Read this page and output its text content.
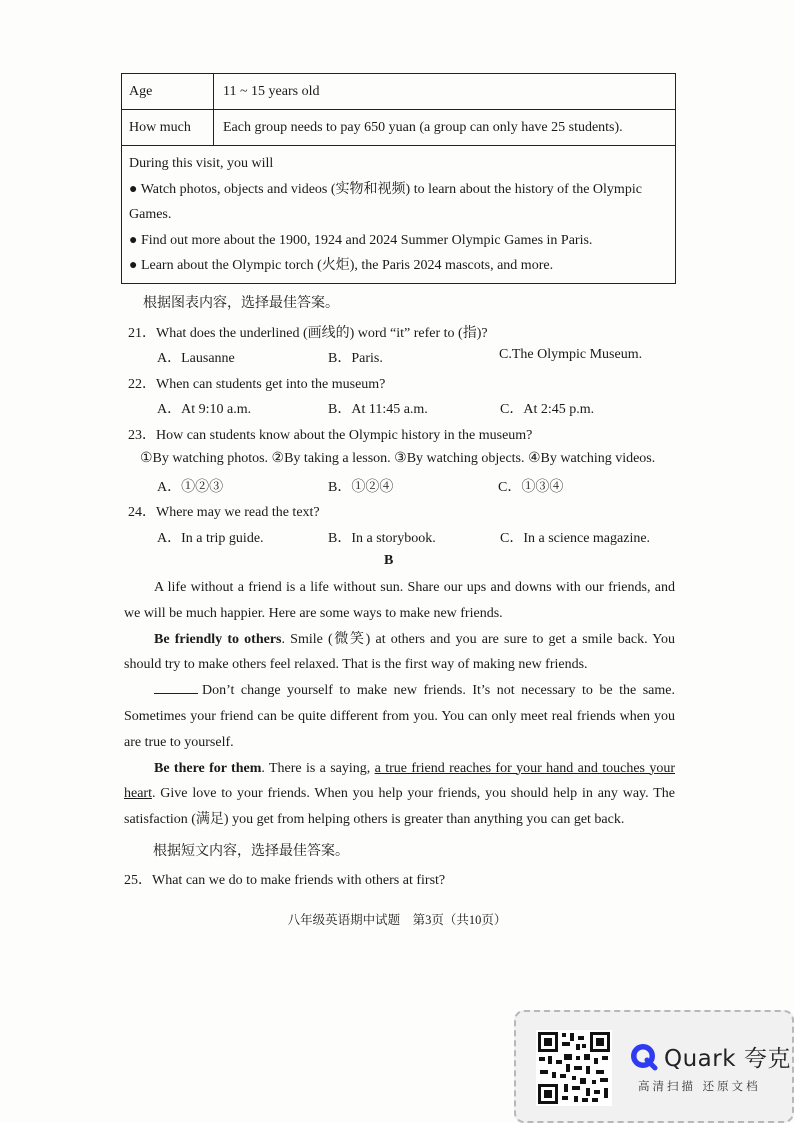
Age	11 ~ 15 years old
How much	Each group needs to pay 650 yuan (a group can only have 25 students).
During this visit, you will
● Watch photos, objects and videos (实物和视频) to learn about the history of the Olympic
Games.
● Find out more about the 1900, 1924 and 2024 Summer Olympic Games in Paris.
● Learn about the Olympic torch (火炬), the Paris 2024 mascots, and more.
根据图表内容，选择最佳答案。
21．What does the underlined (画线的) word “it” refer to (指)?
A．Lausanne	B．Paris.	C.The Olympic Museum.
22．When can students get into the museum?
A．At 9:10 a.m.	B．At 11:45 a.m.	C．At 2:45 p.m.
23．How can students know about the Olympic history in the museum?
①By watching photos. ②By taking a lesson. ③By watching objects. ④By watching videos.
A．①②③	B．①②④	C．①③④
24．Where may we read the text?
A．In a trip guide.	B．In a storybook.	C．In a science magazine.
B

A life without a friend is a life without sun. Share our ups and downs with our friends, and we will be much happier. Here are some ways to make new friends.

Be friendly to others. Smile (微笑) at others and you are sure to get a smile back. You should try to make others feel relaxed. That is the first way of making new friends.

Don’t change yourself to make new friends. It’s not necessary to be the same. Sometimes your friend can be quite different from you. You can only meet real friends when you are true to yourself.

Be there for them. There is a saying, a true friend reaches for your hand and touches your heart. Give love to your friends. When you help your friends, you should help in any way. The satisfaction (满足) you get from helping others is greater than anything you can get back.

根据短文内容，选择最佳答案。
25．What can we do to make friends with others at first?
八年级英语期中试题　第3页（共10页）
Quark 夸克
高清扫描 还原文档
